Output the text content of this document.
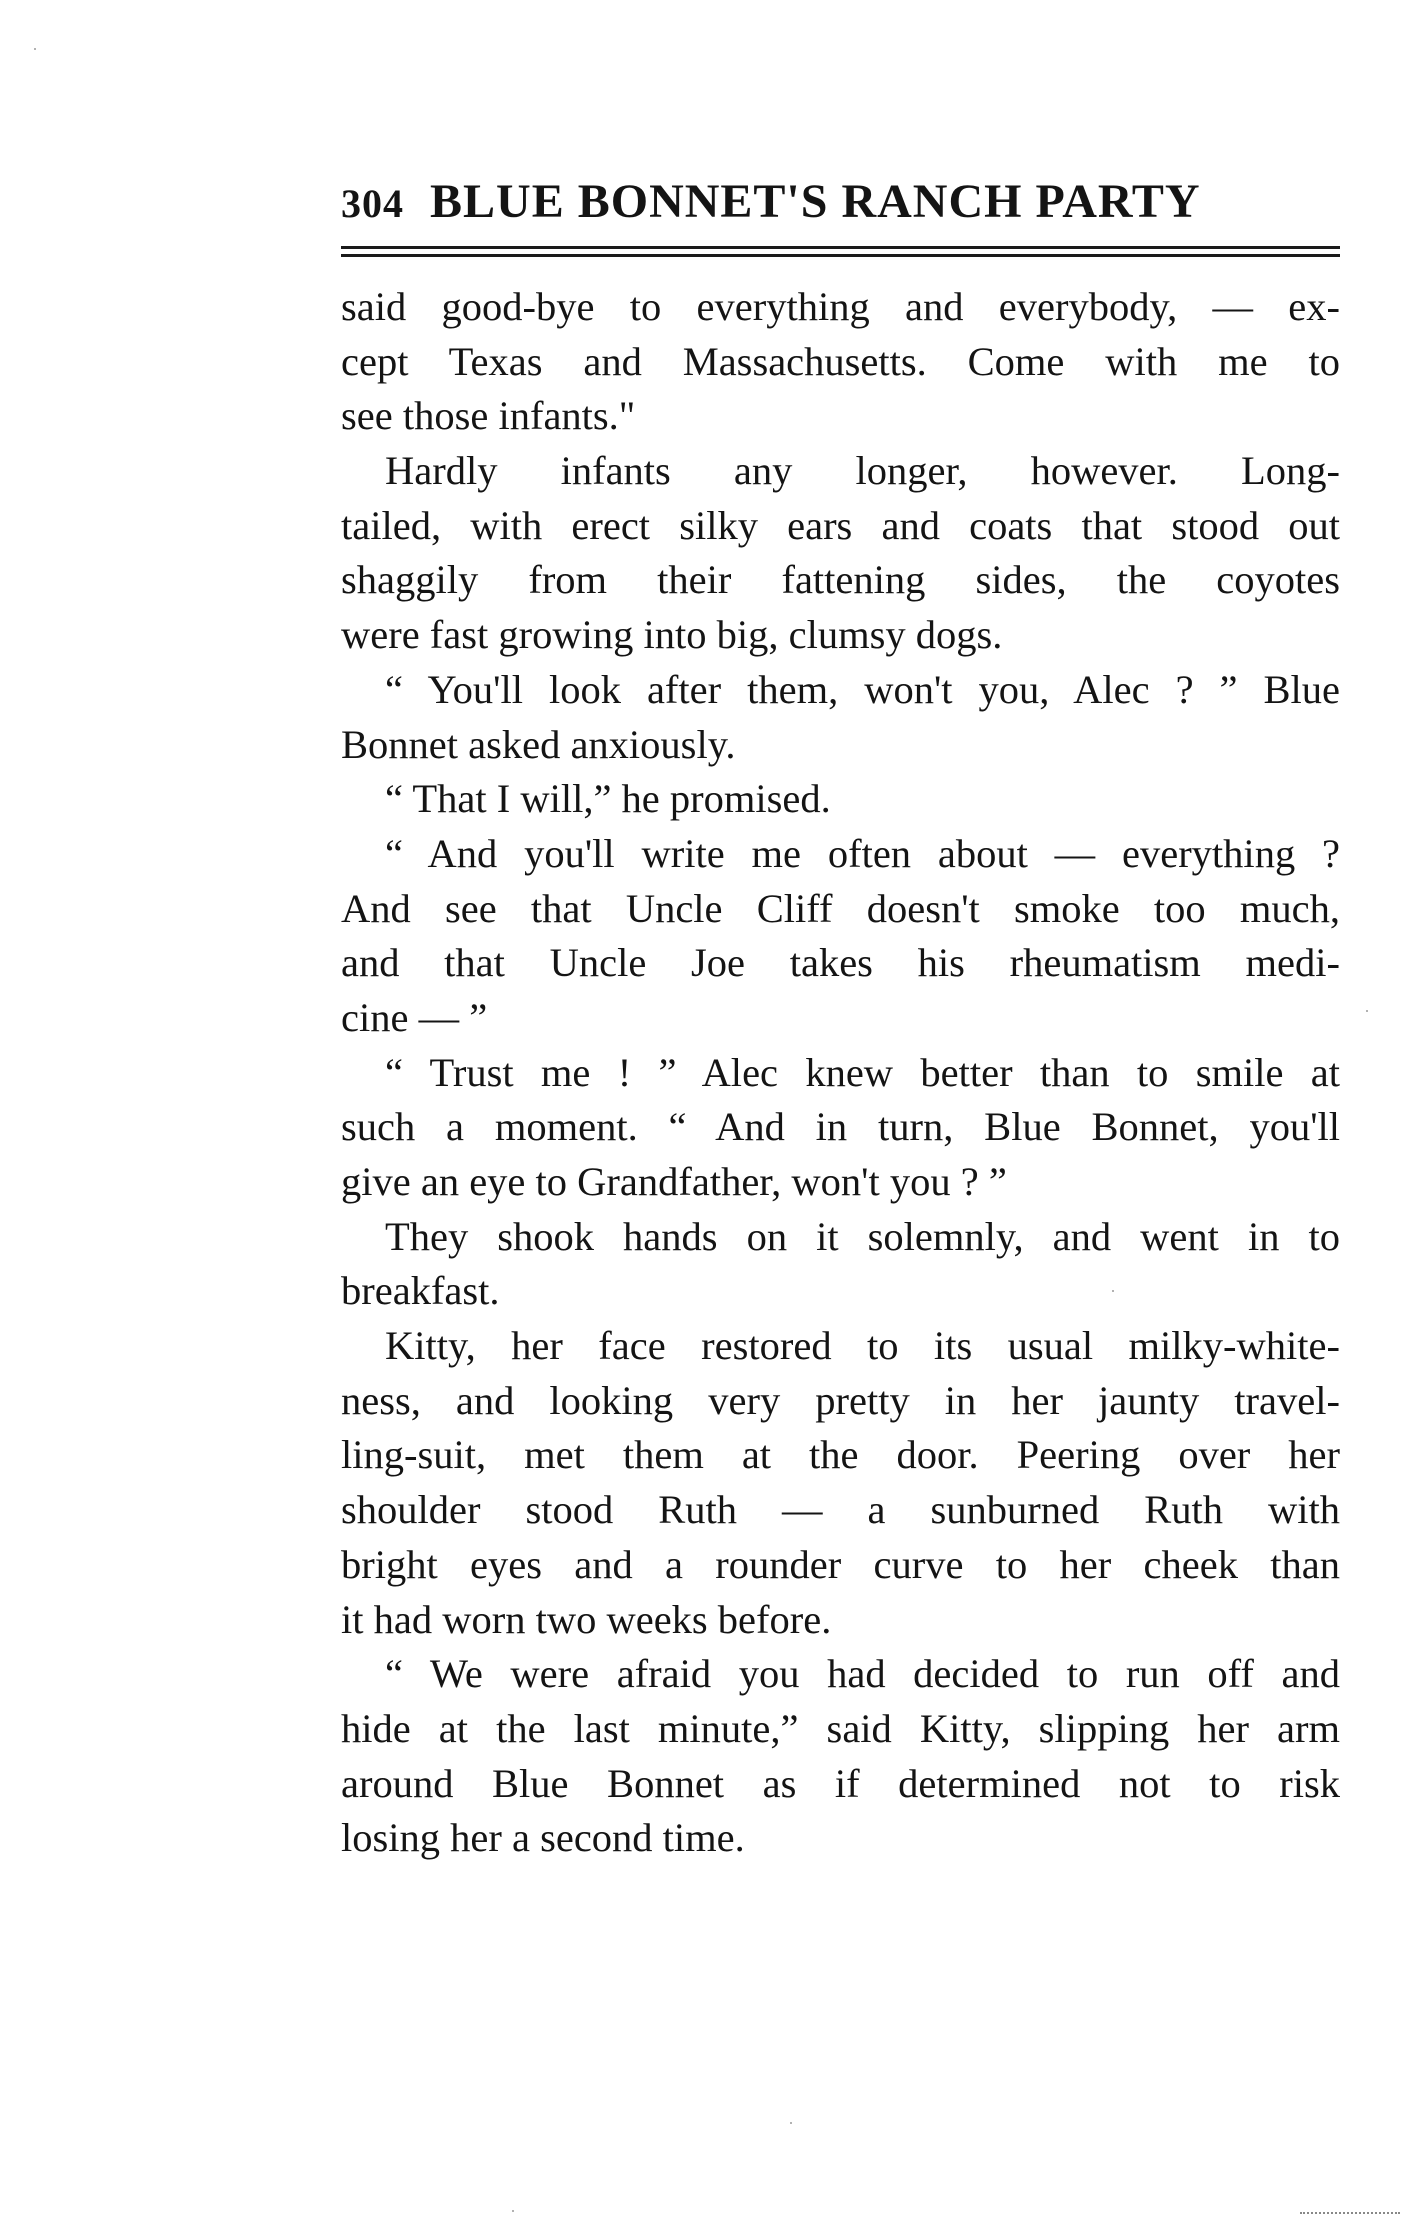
304 BLUE BONNET'S RANCH PARTY
said good-bye to everything and everybody, — ex-
cept Texas and Massachusetts. Come with me to
see those infants."
Hardly infants any longer, however. Long-
tailed, with erect silky ears and coats that stood out
shaggily from their fattening sides, the coyotes
were fast growing into big, clumsy dogs.
“ You'll look after them, won't you, Alec ? ” Blue
Bonnet asked anxiously.
“ That I will,” he promised.
“ And you'll write me often about — everything ?
And see that Uncle Cliff doesn't smoke too much,
and that Uncle Joe takes his rheumatism medi-
cine — ”
“ Trust me ! ” Alec knew better than to smile at
such a moment. “ And in turn, Blue Bonnet, you'll
give an eye to Grandfather, won't you ? ”
They shook hands on it solemnly, and went in to
breakfast.
Kitty, her face restored to its usual milky-white-
ness, and looking very pretty in her jaunty travel-
ling-suit, met them at the door. Peering over her
shoulder stood Ruth — a sunburned Ruth with
bright eyes and a rounder curve to her cheek than
it had worn two weeks before.
“ We were afraid you had decided to run off and
hide at the last minute,” said Kitty, slipping her arm
around Blue Bonnet as if determined not to risk
losing her a second time.
